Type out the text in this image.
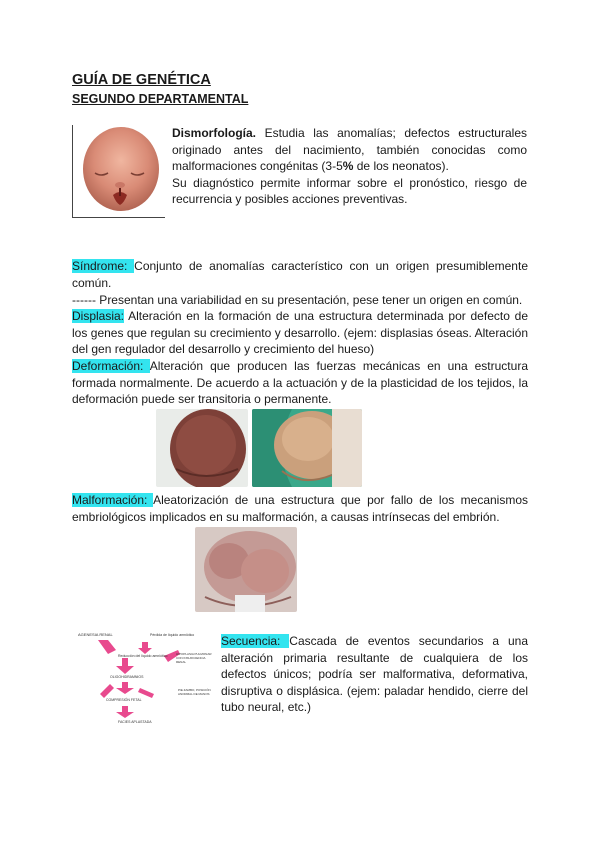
GUÍA DE GENÉTICA
SEGUNDO DEPARTAMENTAL
Dismorfología. Estudia las anomalías; defectos estructurales originado antes del nacimiento, también conocidas como malformaciones congénitas (3-5% de los neonatos).
Su diagnóstico permite informar sobre el pronóstico, riesgo de recurrencia y posibles acciones preventivas.
Síndrome: Conjunto de anomalías característico con un origen presumiblemente común.
------ Presentan una variabilidad en su presentación, pese tener un origen en común.
Displasia: Alteración en la formación de una estructura determinada por defecto de los genes que regulan su crecimiento y desarrollo. (ejem: displasias óseas. Alteración del gen regulador del desarrollo y crecimiento del hueso)
Deformación: Alteración que producen las fuerzas mecánicas en una estructura formada normalmente. De acuerdo a la actuación y de la plasticidad de los tejidos, la deformación puede ser transitoria o permanente.
Malformación: Aleatorización de una estructura que por fallo de los mecanismos embriológicos implicados en su malformación, a causas intrínsecas del embrión.
AGENESIA RENAL	Pérdida de líquido amniótico
Reducción del líquido amniótico	HIPOPLASIA PULMONAR CON INSUFICIENCIA RENAL
OLIGOHIDRAMNIOS
COMPRESIÓN FETAL
PIE ZAMBO, POSICIÓN ANORMAL DE MANOS
FACIES APLASTADA
Secuencia: Cascada de eventos secundarios a una alteración primaria resultante de cualquiera de los defectos únicos; podría ser malformativa, deformativa, disruptiva o displásica. (ejem: paladar hendido, cierre del tubo neural, etc.)
